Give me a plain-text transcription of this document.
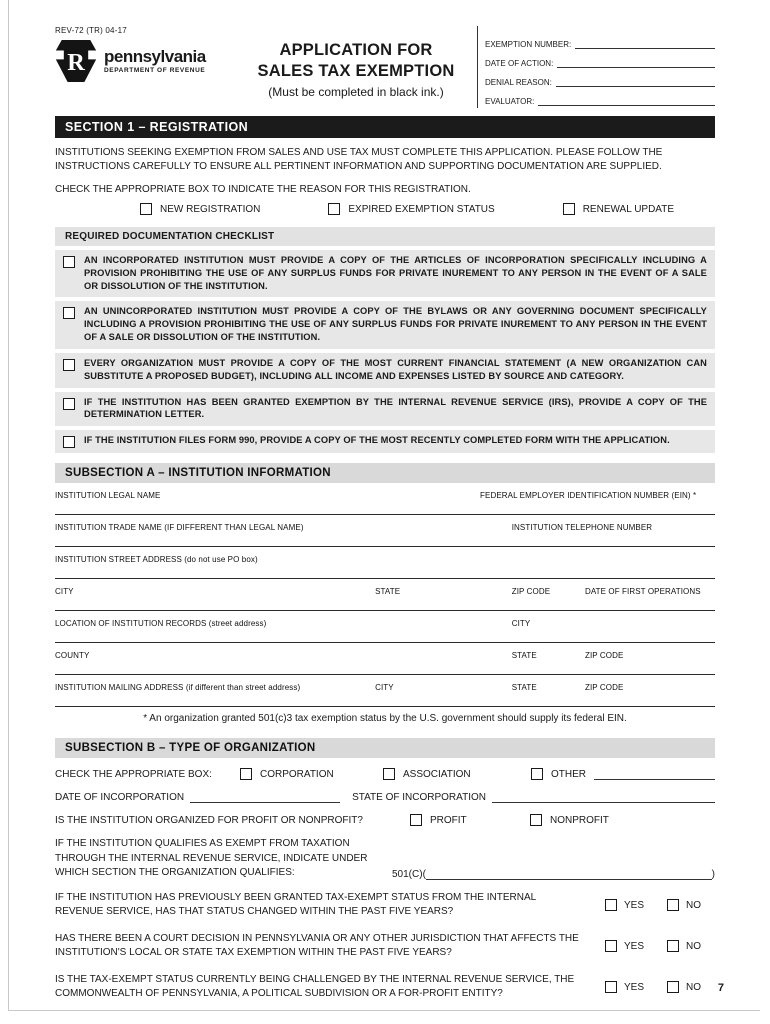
REV-72 (TR) 04-17
R pennsylvania
DEPARTMENT OF REVENUE
APPLICATION FOR
SALES TAX EXEMPTION
(Must be completed in black ink.)
EXEMPTION NUMBER:
DATE OF ACTION:
DENIAL REASON:
EVALUATOR:
SECTION 1 – REGISTRATION

INSTITUTIONS SEEKING EXEMPTION FROM SALES AND USE TAX MUST COMPLETE THIS APPLICATION. PLEASE FOLLOW THE INSTRUCTIONS CAREFULLY TO ENSURE ALL PERTINENT INFORMATION AND SUPPORTING DOCUMENTATION ARE SUPPLIED.

CHECK THE APPROPRIATE BOX TO INDICATE THE REASON FOR THIS REGISTRATION.

NEW REGISTRATION	EXPIRED EXEMPTION STATUS	RENEWAL UPDATE
REQUIRED DOCUMENTATION CHECKLIST
AN INCORPORATED INSTITUTION MUST PROVIDE A COPY OF THE ARTICLES OF INCORPORATION SPECIFICALLY INCLUDING A PROVISION PROHIBITING THE USE OF ANY SURPLUS FUNDS FOR PRIVATE INUREMENT TO ANY PERSON IN THE EVENT OF A SALE OR DISSOLUTION OF THE INSTITUTION.
AN UNINCORPORATED INSTITUTION MUST PROVIDE A COPY OF THE BYLAWS OR ANY GOVERNING DOCUMENT SPECIFICALLY INCLUDING A PROVISION PROHIBITING THE USE OF ANY SURPLUS FUNDS FOR PRIVATE INUREMENT TO ANY PERSON IN THE EVENT OF A SALE OR DISSOLUTION OF THE INSTITUTION.
EVERY ORGANIZATION MUST PROVIDE A COPY OF THE MOST CURRENT FINANCIAL STATEMENT (A NEW ORGANIZATION CAN SUBSTITUTE A PROPOSED BUDGET), INCLUDING ALL INCOME AND EXPENSES LISTED BY SOURCE AND CATEGORY.
IF THE INSTITUTION HAS BEEN GRANTED EXEMPTION BY THE INTERNAL REVENUE SERVICE (IRS), PROVIDE A COPY OF THE DETERMINATION LETTER.
IF THE INSTITUTION FILES FORM 990, PROVIDE A COPY OF THE MOST RECENTLY COMPLETED FORM WITH THE APPLICATION.
SUBSECTION A – INSTITUTION INFORMATION
INSTITUTION LEGAL NAME	FEDERAL EMPLOYER IDENTIFICATION NUMBER (EIN) *
INSTITUTION TRADE NAME (IF DIFFERENT THAN LEGAL NAME)	INSTITUTION TELEPHONE NUMBER
INSTITUTION STREET ADDRESS (do not use PO box)
CITY	STATE	ZIP CODE	DATE OF FIRST OPERATIONS
LOCATION OF INSTITUTION RECORDS (street address)	CITY
COUNTY	STATE	ZIP CODE
INSTITUTION MAILING ADDRESS (if different than street address)	CITY	STATE	ZIP CODE
* An organization granted 501(c)3 tax exemption status by the U.S. government should supply its federal EIN.
SUBSECTION B – TYPE OF ORGANIZATION
CHECK THE APPROPRIATE BOX:	CORPORATION	ASSOCIATION	OTHER
DATE OF INCORPORATION	STATE OF INCORPORATION
IS THE INSTITUTION ORGANIZED FOR PROFIT OR NONPROFIT?	PROFIT	NONPROFIT
IF THE INSTITUTION QUALIFIES AS EXEMPT FROM TAXATION THROUGH THE INTERNAL REVENUE SERVICE, INDICATE UNDER WHICH SECTION THE ORGANIZATION QUALIFIES:	501(C)(	)
IF THE INSTITUTION HAS PREVIOUSLY BEEN GRANTED TAX-EXEMPT STATUS FROM THE INTERNAL REVENUE SERVICE, HAS THAT STATUS CHANGED WITHIN THE PAST FIVE YEARS?
YES	NO
HAS THERE BEEN A COURT DECISION IN PENNSYLVANIA OR ANY OTHER JURISDICTION THAT AFFECTS THE INSTITUTION'S LOCAL OR STATE TAX EXEMPTION WITHIN THE PAST FIVE YEARS?
YES	NO
IS THE TAX-EXEMPT STATUS CURRENTLY BEING CHALLENGED BY THE INTERNAL REVENUE SERVICE, THE COMMONWEALTH OF PENNSYLVANIA, A POLITICAL SUBDIVISION OR A FOR-PROFIT ENTITY?
YES	NO 7
